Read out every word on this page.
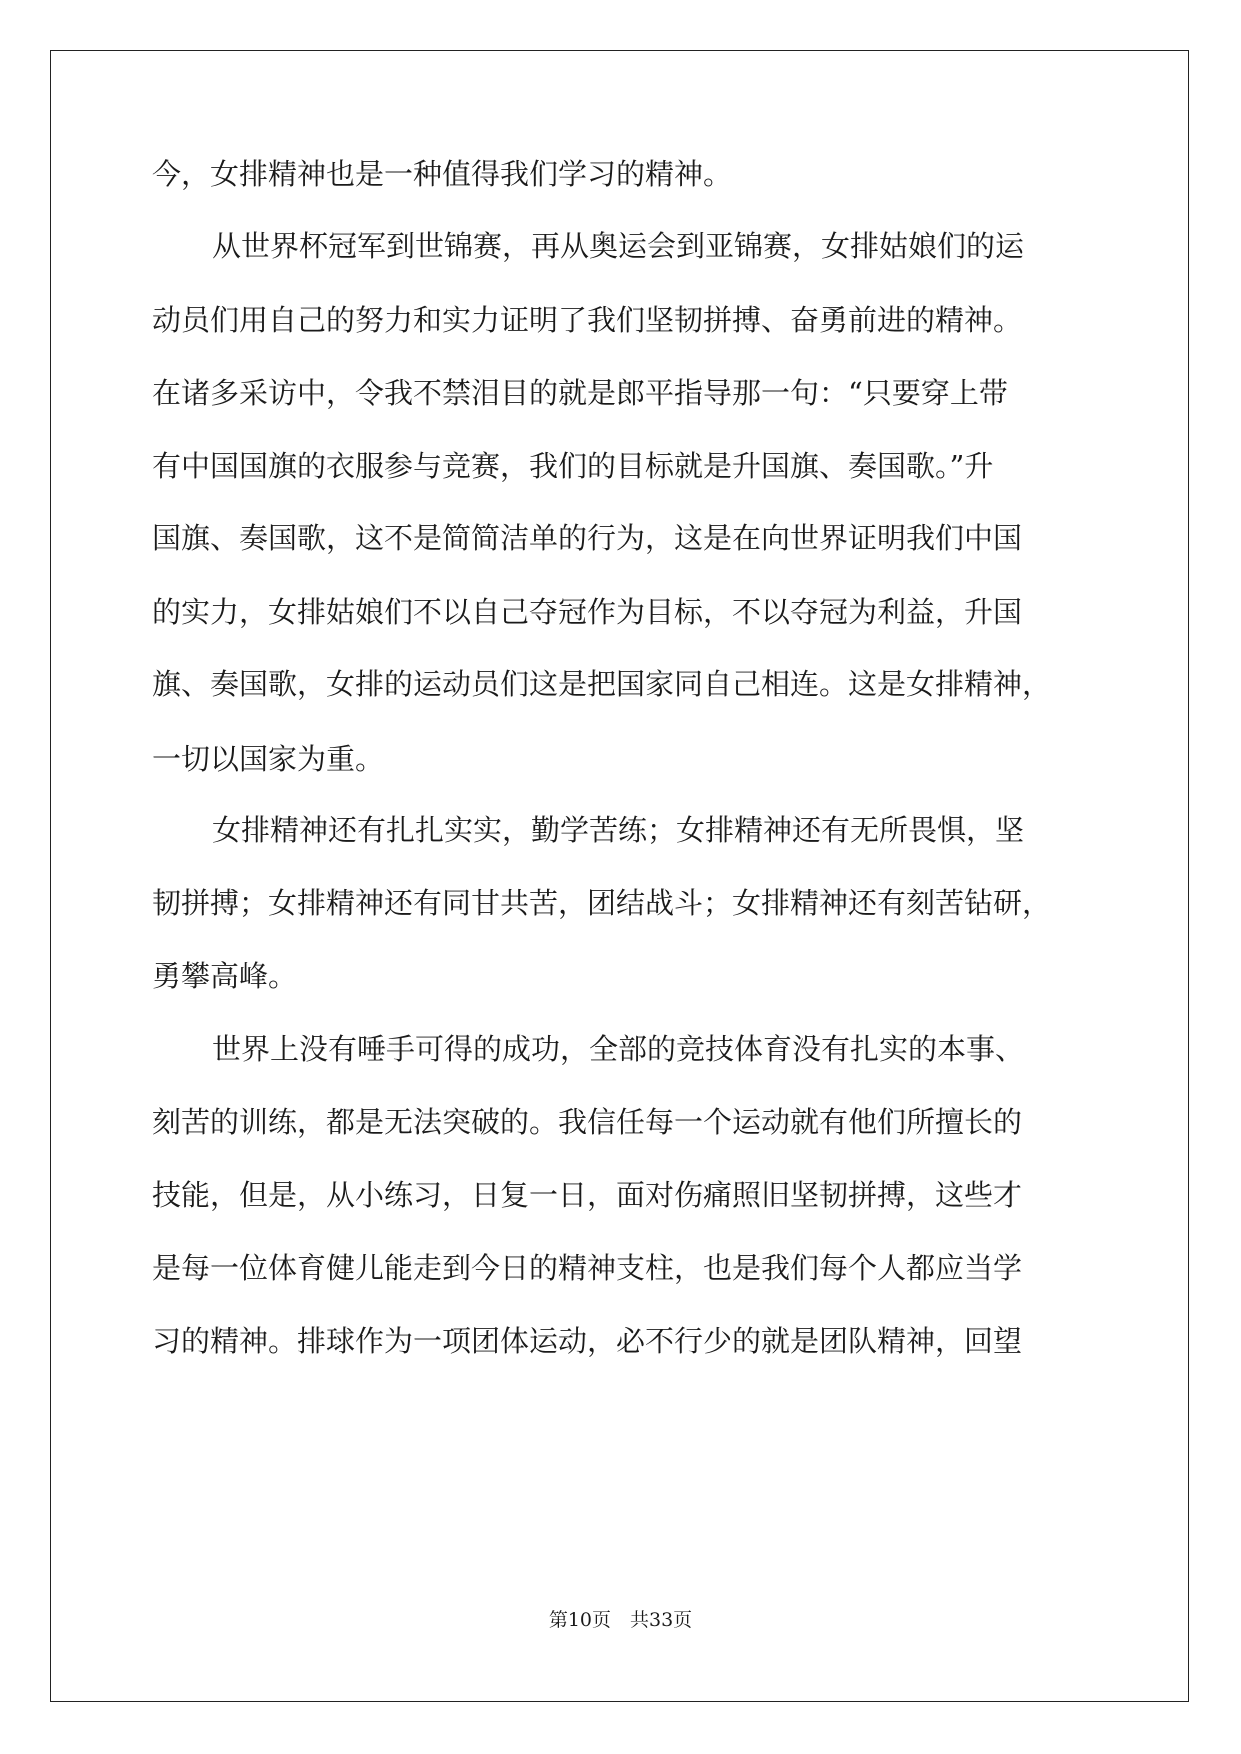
今，女排精神也是一种值得我们学习的精神。
从世界杯冠军到世锦赛，再从奥运会到亚锦赛，女排姑娘们的运
动员们用自己的努力和实力证明了我们坚韧拼搏、奋勇前进的精神。
在诸多采访中，令我不禁泪目的就是郎平指导那一句：“只要穿上带
有中国国旗的衣服参与竞赛，我们的目标就是升国旗、奏国歌。”升
国旗、奏国歌，这不是简简洁单的行为，这是在向世界证明我们中国
的实力，女排姑娘们不以自己夺冠作为目标，不以夺冠为利益，升国
旗、奏国歌，女排的运动员们这是把国家同自己相连。这是女排精神，
一切以国家为重。
女排精神还有扎扎实实，勤学苦练；女排精神还有无所畏惧，坚
韧拼搏；女排精神还有同甘共苦，团结战斗；女排精神还有刻苦钻研，
勇攀高峰。
世界上没有唾手可得的成功，全部的竞技体育没有扎实的本事、
刻苦的训练，都是无法突破的。我信任每一个运动就有他们所擅长的
技能，但是，从小练习，日复一日，面对伤痛照旧坚韧拼搏，这些才
是每一位体育健儿能走到今日的精神支柱，也是我们每个人都应当学
习的精神。排球作为一项团体运动，必不行少的就是团队精神，回望
第10页　共33页
